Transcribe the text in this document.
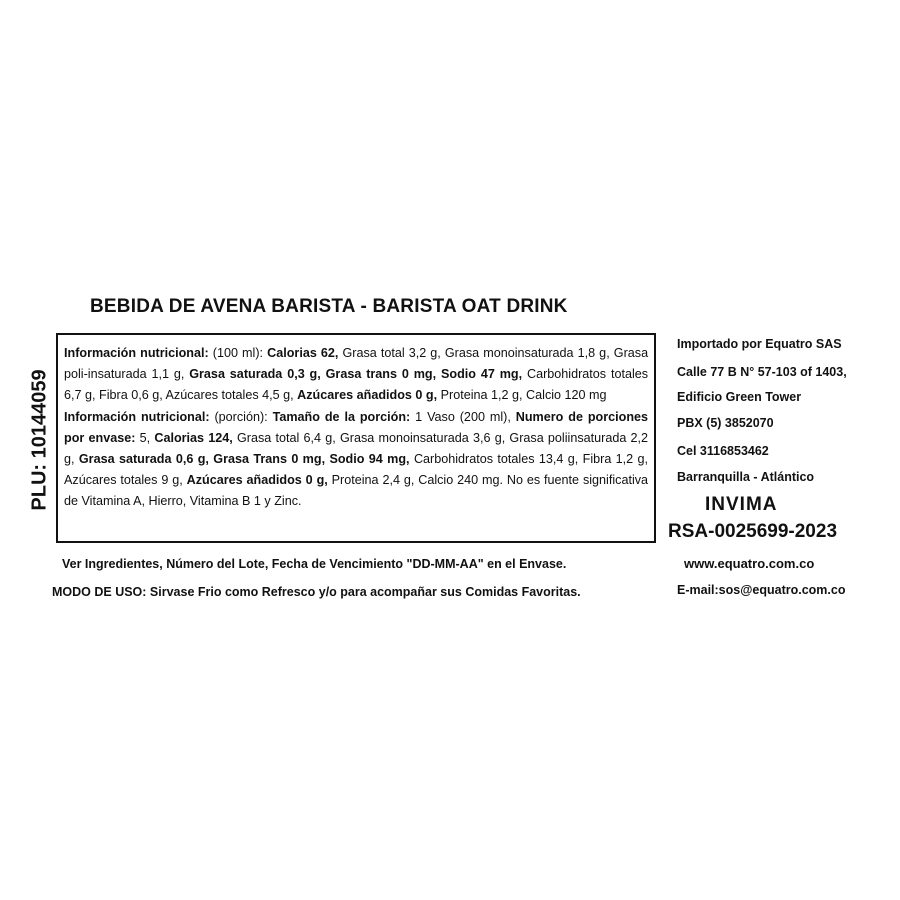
BEBIDA DE AVENA BARISTA - BARISTA OAT DRINK
PLU: 10144059
Información nutricional: (100 ml): Calorias 62, Grasa total 3,2 g, Grasa monoinsaturada 1,8 g, Grasa poli-insaturada 1,1 g, Grasa saturada 0,3 g, Grasa trans 0 mg, Sodio 47 mg, Carbohidratos totales 6,7 g, Fibra 0,6 g, Azúcares totales 4,5 g, Azúcares añadidos 0 g, Proteina 1,2 g, Calcio 120 mg
Información nutricional: (porción): Tamaño de la porción: 1 Vaso (200 ml), Numero de porciones por envase: 5, Calorias 124, Grasa total 6,4 g, Grasa monoinsaturada 3,6 g, Grasa poliinsaturada 2,2 g, Grasa saturada 0,6 g, Grasa Trans 0 mg, Sodio 94 mg, Carbohidratos totales 13,4 g, Fibra 1,2 g, Azúcares totales 9 g, Azúcares añadidos 0 g, Proteina 2,4 g, Calcio 240 mg. No es fuente significativa de Vitamina A, Hierro, Vitamina B 1 y Zinc.
Ver Ingredientes, Número del Lote, Fecha de Vencimiento "DD-MM-AA" en el Envase.
MODO DE USO: Sirvase Frio como Refresco y/o para acompañar sus Comidas Favoritas.
Importado por Equatro SAS
Calle 77 B N° 57-103 of 1403,
Edificio Green Tower
PBX (5) 3852070
Cel 3116853462
Barranquilla - Atlántico
INVIMA
RSA-0025699-2023
www.equatro.com.co
E-mail:sos@equatro.com.co
